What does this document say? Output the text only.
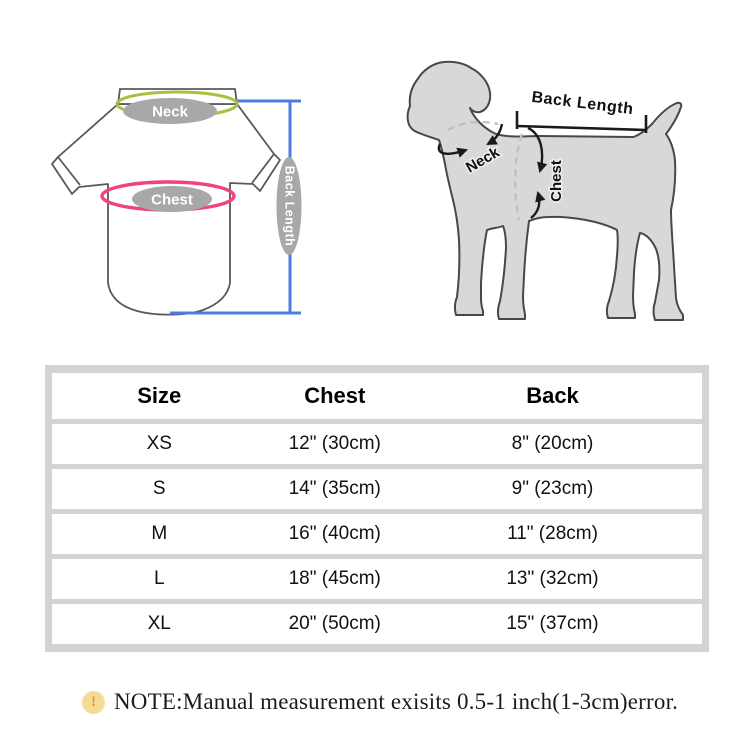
Neck
Chest	Back Length
Back Length
Neck
Chest
Size	Chest	Back
XS	12" (30cm)	8" (20cm)
S	14" (35cm)	9" (23cm)
M	16" (40cm)	11" (28cm)
L	18" (45cm)	13" (32cm)
XL	20" (50cm)	15" (37cm)
! NOTE:Manual measurement exisits 0.5-1 inch(1-3cm)error.
